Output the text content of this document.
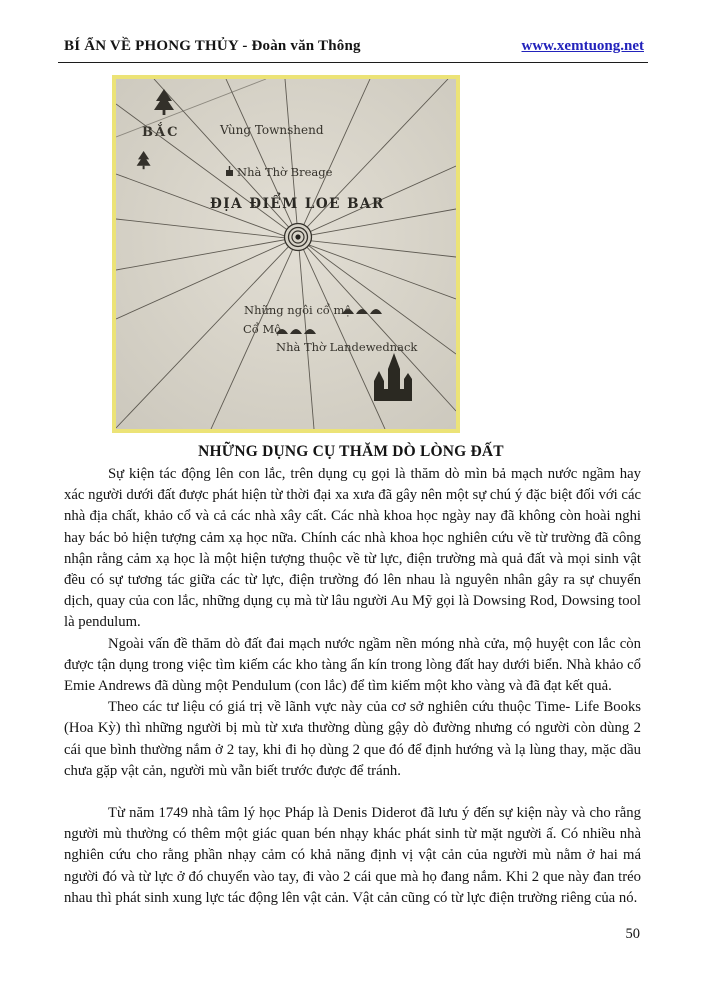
BÍ ẨN VỀ PHONG THỦY - Đoàn văn Thông	www.xemtuong.net
BẮC	Vùng Townshend
Nhà Thờ Breage
ĐỊA ĐIỂM LOE BAR
Những ngôi cổ mộ
Cổ Mộ
Nhà Thờ Landewednack
NHỮNG DỤNG CỤ THĂM DÒ LÒNG ĐẤT

Sự kiện tác động lên con lắc, trên dụng cụ gọi là thăm dò mìn bả mạch nước ngầm hay xác người dưới đất được phát hiện từ thời đại xa xưa đã gây nên một sự chú ý đặc biệt đối với các nhà địa chất, khảo cổ và cả các nhà xây cất. Các nhà khoa học ngày nay đã không còn hoài nghi hay bác bỏ hiện tượng cảm xạ học nữa. Chính các nhà khoa học nghiên cứu về từ trường đã công nhận rằng cảm xạ học là một hiện tượng thuộc về từ lực, điện trường mà quả đất và mọi sinh vật đều có sự tương tác giữa các từ lực, điện trường đó lên nhau là nguyên nhân gây ra sự chuyển dịch, quay của con lắc, những dụng cụ mà từ lâu người Au Mỹ gọi là Dowsing Rod, Dowsing tool là pendulum.

Ngoài vấn đề thăm dò đất đai mạch nước ngầm nền móng nhà cửa, mộ huyệt con lắc còn được tận dụng trong việc tìm kiếm các kho tàng ẩn kín trong lòng đất hay dưới biển. Nhà khảo cổ Emie Andrews đã dùng một Pendulum (con lắc) để tìm kiếm một kho vàng và đã đạt kết quả.

Theo các tư liệu có giá trị về lãnh vực này của cơ sở nghiên cứu thuộc Time- Life Books (Hoa Kỳ) thì những người bị mù từ xưa thường dùng gậy dò đường nhưng có người còn dùng 2 cái que bình thường nắm ở 2 tay, khi đi họ dùng 2 que đó để định hướng và lạ lùng thay, mặc dầu chưa gặp vật cản, người mù vẫn biết trước được để tránh.

Từ năm 1749 nhà tâm lý học Pháp là Denis Diderot đã lưu ý đến sự kiện này và cho rằng người mù thường có thêm một giác quan bén nhạy khác phát sinh từ mặt người ấ. Có nhiều nhà nghiên cứu cho rằng phần nhạy cảm có khả năng định vị vật cản của người mù nằm ở hai má người đó và từ lực ở đó chuyển vào tay, đi vào 2 cái que mà họ đang nắm. Khi 2 que này đan tréo nhau thì phát sinh xung lực tác động lên vật cản. Vật cản cũng có từ lực điện trường riêng của nó.

50
